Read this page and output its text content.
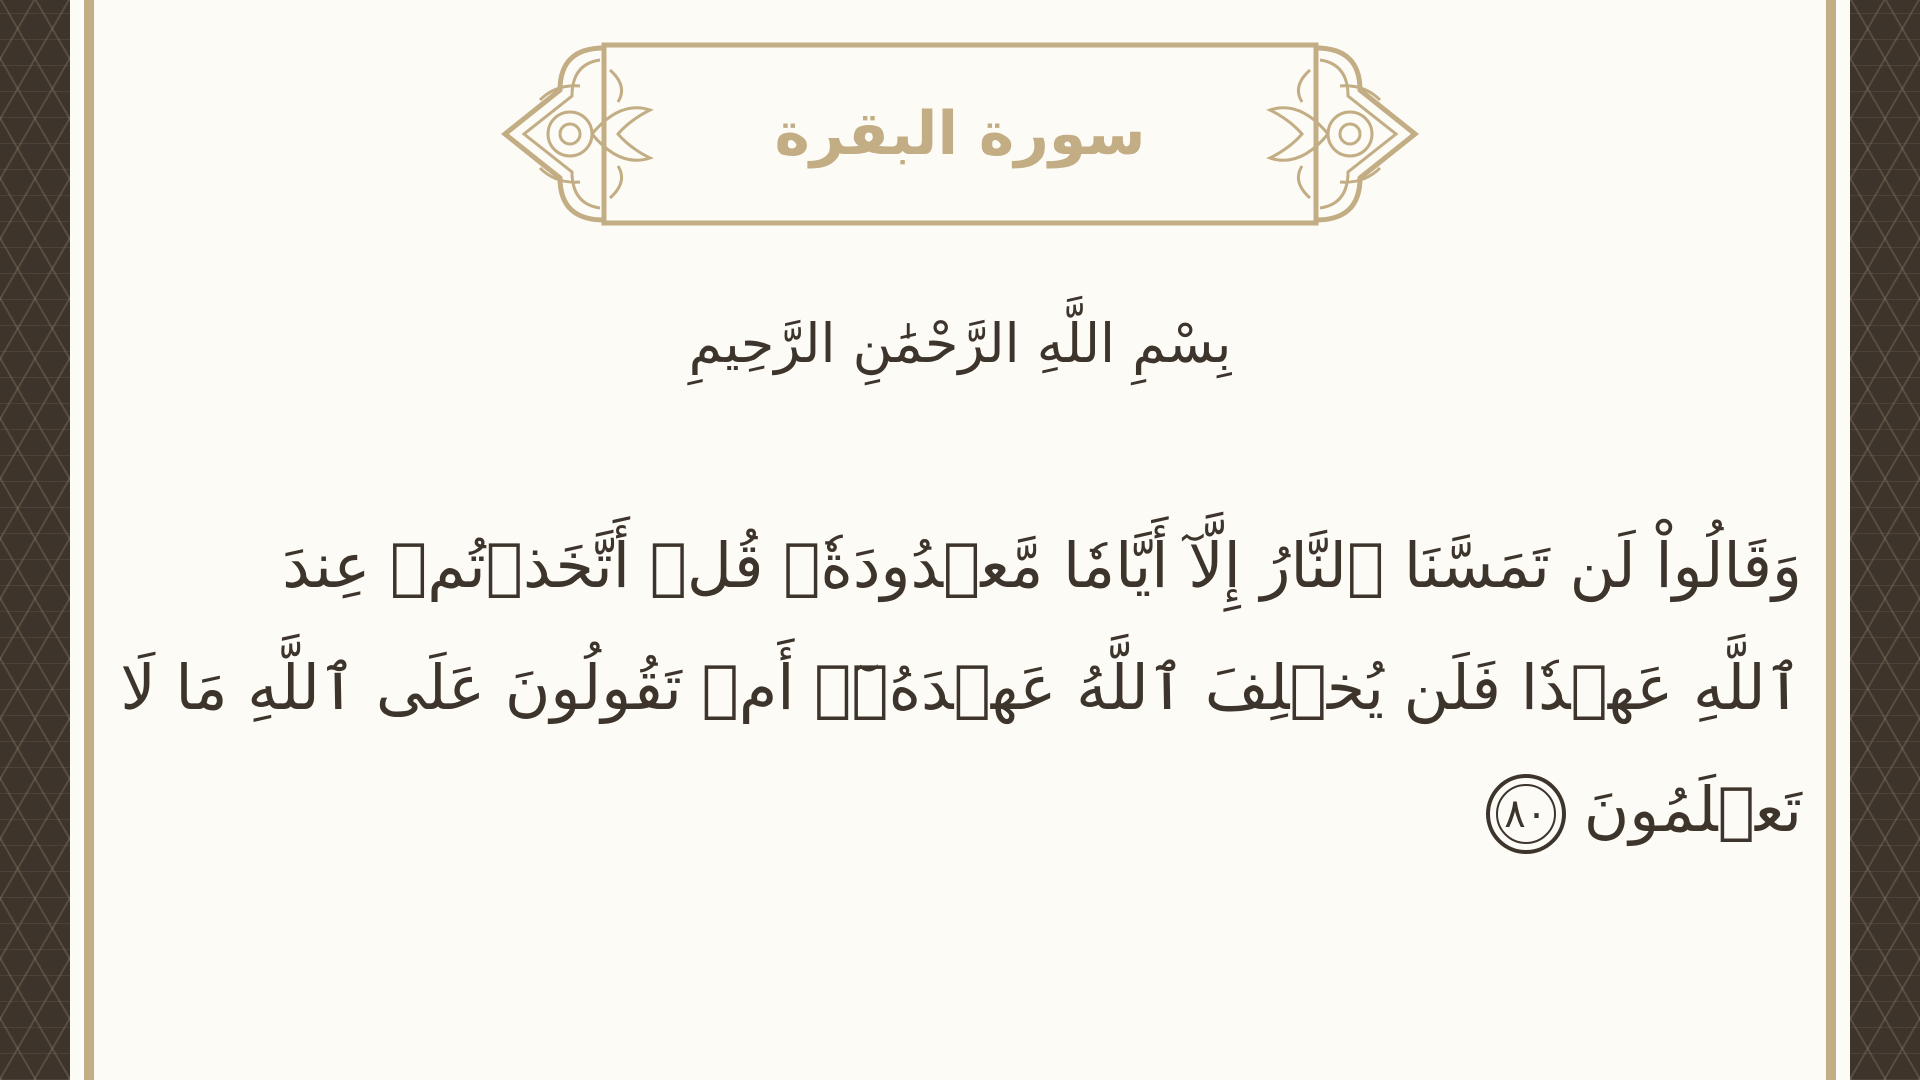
سورة البقرة
بِسْمِ اللَّهِ الرَّحْمَٰنِ الرَّحِيمِ
وَقَالُواْ لَن تَمَسَّنَا ٱلنَّارُ إِلَّآ أَيَّامٗا مَّعۡدُودَةٗۚ قُلۡ أَتَّخَذۡتُمۡ عِندَ
ٱللَّهِ عَهۡدٗا فَلَن يُخۡلِفَ ٱللَّهُ عَهۡدَهُۥٓۖ أَمۡ تَقُولُونَ عَلَى ٱللَّهِ مَا لَا
تَعۡلَمُونَ٨٠
